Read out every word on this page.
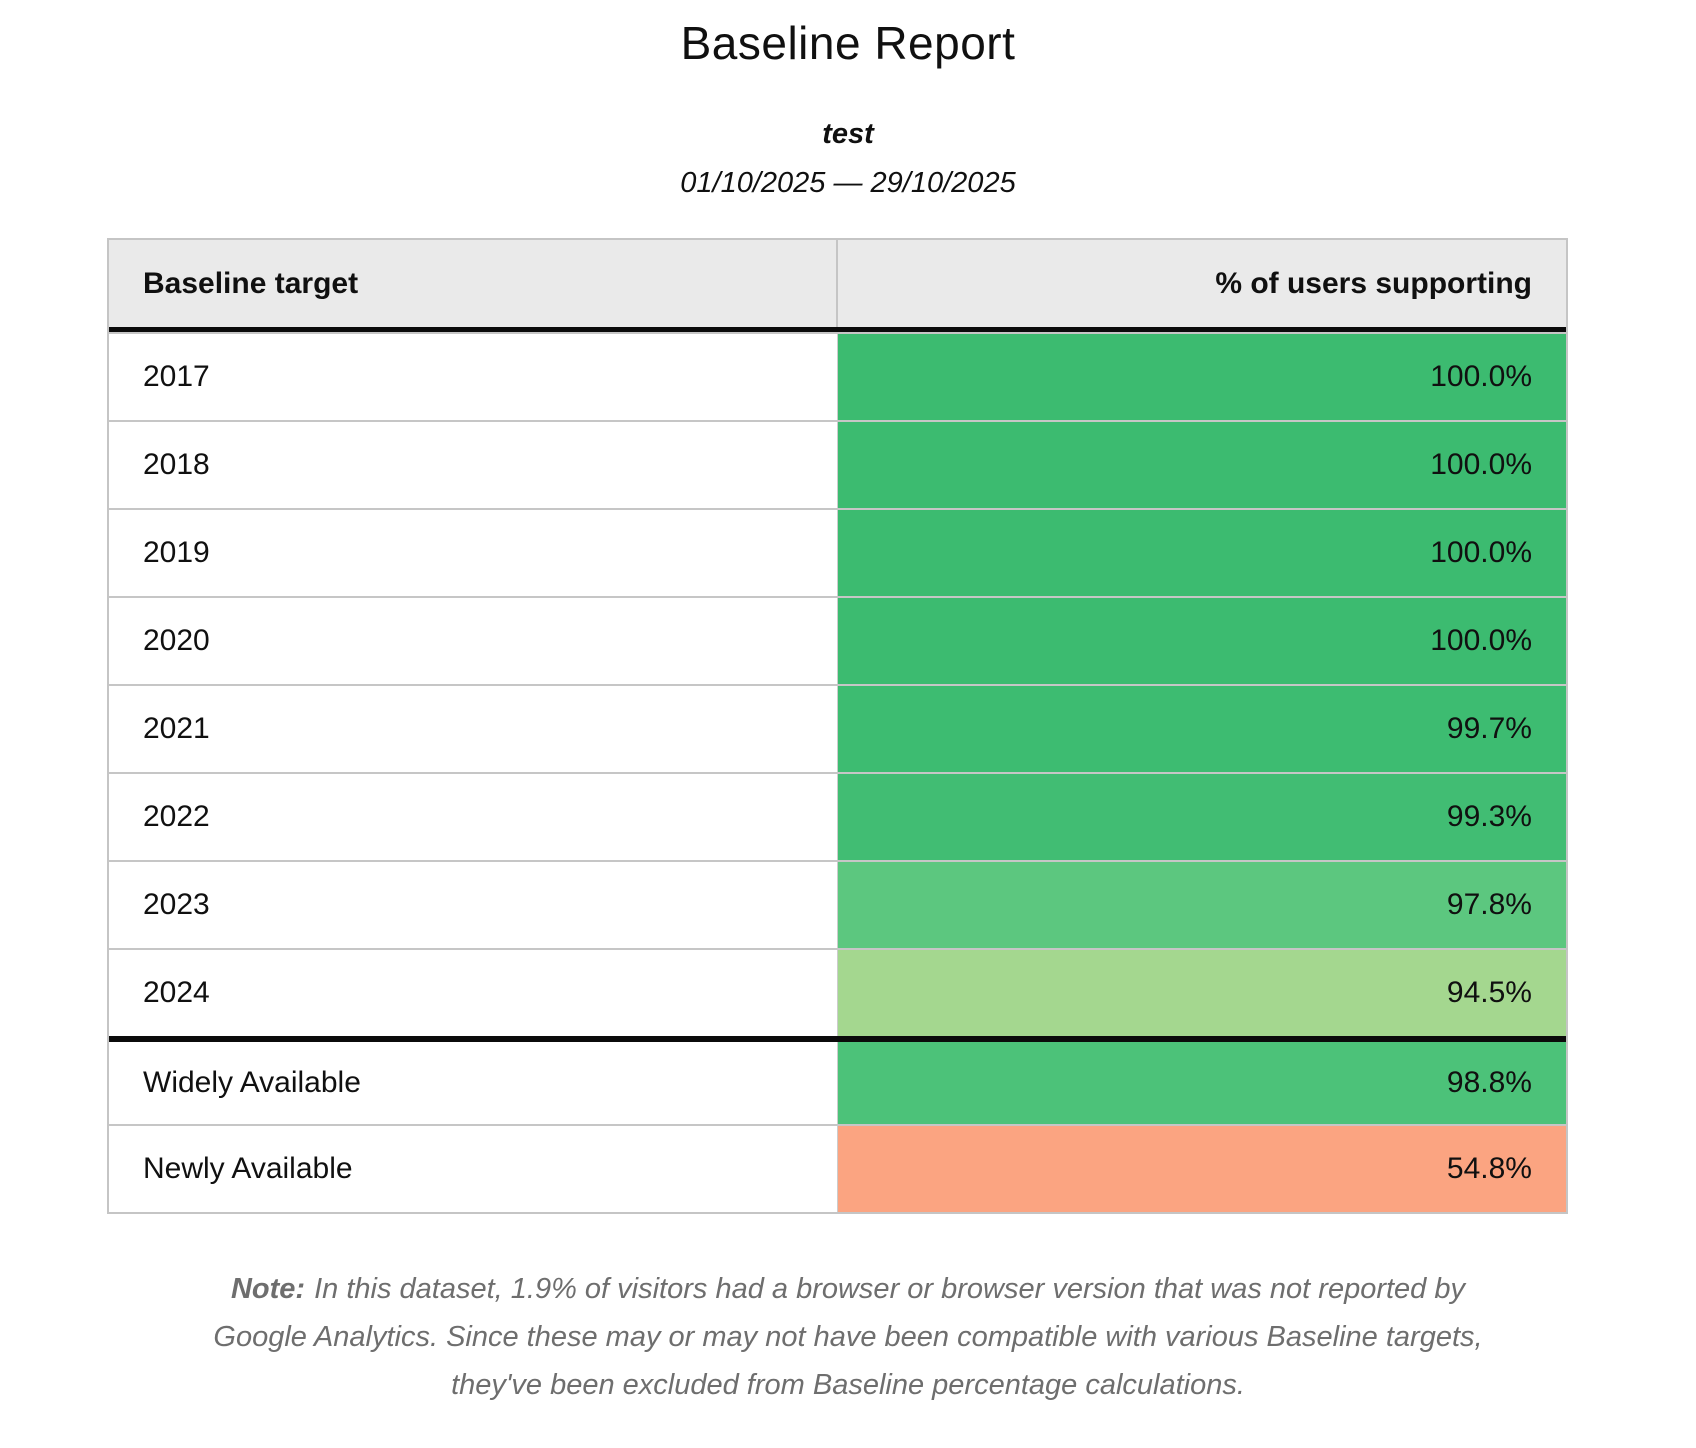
Baseline Report
test
01/10/2025 — 29/10/2025
Baseline target	% of users supporting
2017	100.0%
2018	100.0%
2019	100.0%
2020	100.0%
2021	99.7%
2022	99.3%
2023	97.8%
2024	94.5%
Widely Available	98.8%
Newly Available	54.8%

Note: In this dataset, 1.9% of visitors had a browser or browser version that was not reported by Google Analytics. Since these may or may not have been compatible with various Baseline targets, they've been excluded from Baseline percentage calculations.
